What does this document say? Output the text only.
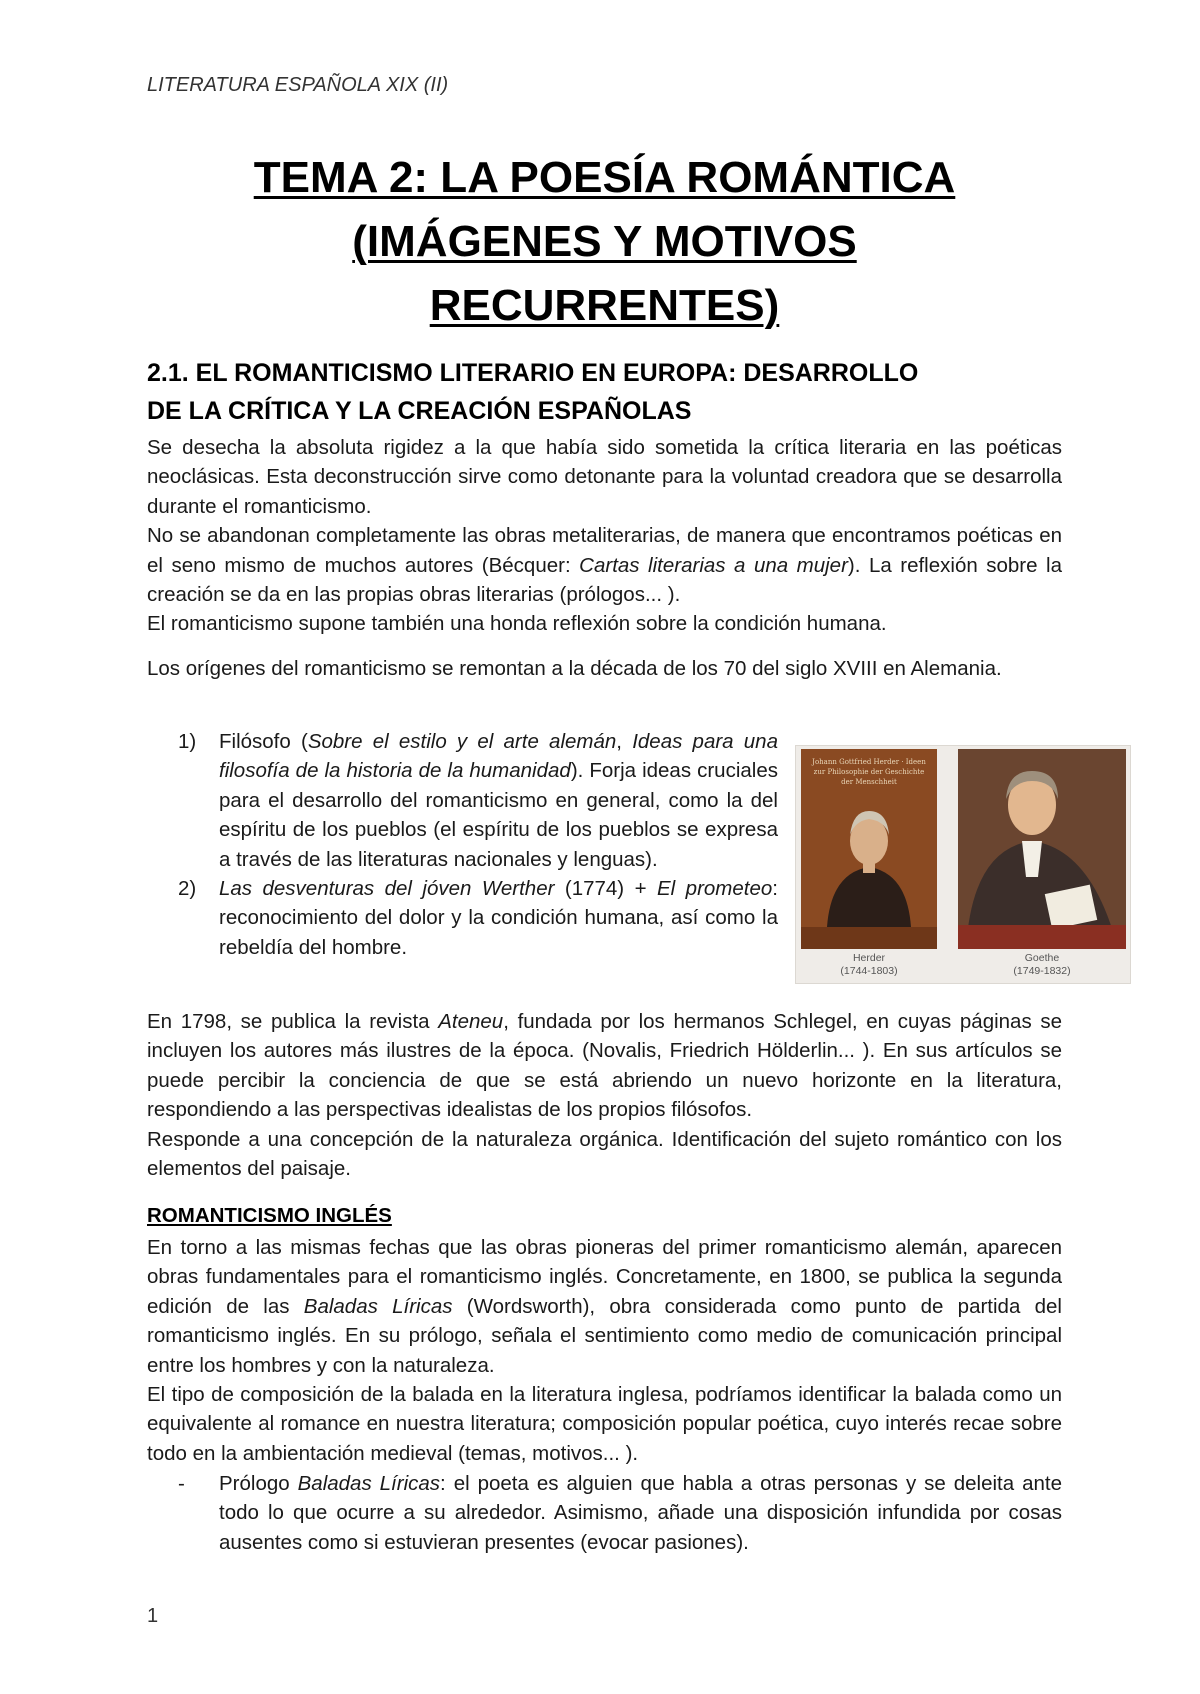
LITERATURA ESPAÑOLA XIX (II)
TEMA 2: LA POESÍA ROMÁNTICA
(IMÁGENES Y MOTIVOS
RECURRENTES)
2.1. EL ROMANTICISMO LITERARIO EN EUROPA: DESARROLLO
DE LA CRÍTICA Y LA CREACIÓN ESPAÑOLAS

Se desecha la absoluta rigidez a la que había sido sometida la crítica literaria en las poéticas neoclásicas. Esta deconstrucción sirve como detonante para la voluntad creadora que se desarrolla durante el romanticismo.

No se abandonan completamente las obras metaliterarias, de manera que encontramos poéticas en el seno mismo de muchos autores (Bécquer: Cartas literarias a una mujer). La reflexión sobre la creación se da en las propias obras literarias (prólogos... ).

El romanticismo supone también una honda reflexión sobre la condición humana.

Los orígenes del romanticismo se remontan a la década de los 70 del siglo XVIII en Alemania.

1) Filósofo (Sobre el estilo y el arte alemán, Ideas para una filosofía de la historia de la humanidad). Forja ideas cruciales para el desarrollo del romanticismo en general, como la del espíritu de los pueblos (el espíritu de los pueblos se expresa a través de las literaturas nacionales y lenguas).
2) Las desventuras del jóven Werther (1774) + El prometeo: reconocimiento del dolor y la condición humana, así como la rebeldía del hombre.
Johann Gottfried Herder · Ideen zur Philosophie der Geschichte der Menschheit
Herder
(1744-1803)
Goethe
(1749-1832)

En 1798, se publica la revista Ateneu, fundada por los hermanos Schlegel, en cuyas páginas se incluyen los autores más ilustres de la época. (Novalis, Friedrich Hölderlin... ). En sus artículos se puede percibir la conciencia de que se está abriendo un nuevo horizonte en la literatura, respondiendo a las perspectivas idealistas de los propios filósofos.

Responde a una concepción de la naturaleza orgánica. Identificación del sujeto romántico con los elementos del paisaje.

ROMANTICISMO INGLÉS

En torno a las mismas fechas que las obras pioneras del primer romanticismo alemán, aparecen obras fundamentales para el romanticismo inglés. Concretamente, en 1800, se publica la segunda edición de las Baladas Líricas (Wordsworth), obra considerada como punto de partida del romanticismo inglés. En su prólogo, señala el sentimiento como medio de comunicación principal entre los hombres y con la naturaleza.

El tipo de composición de la balada en la literatura inglesa, podríamos identificar la balada como un equivalente al romance en nuestra literatura; composición popular poética, cuyo interés recae sobre todo en la ambientación medieval (temas, motivos... ).

- Prólogo Baladas Líricas: el poeta es alguien que habla a otras personas y se deleita ante todo lo que ocurre a su alrededor. Asimismo, añade una disposición infundida por cosas ausentes como si estuvieran presentes (evocar pasiones).
1
